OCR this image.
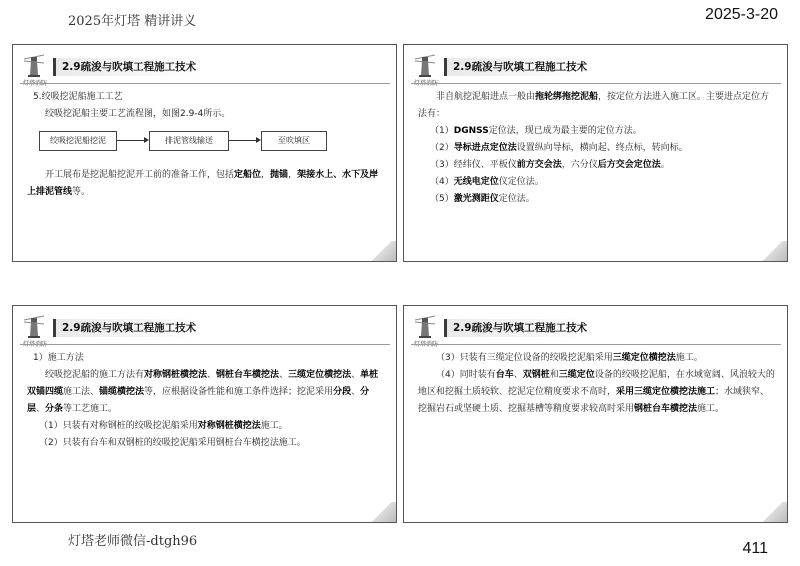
2025年灯塔 精讲讲义	2025-3-20
2.9疏浚与吹填工程施工技术

5.绞吸挖泥船施工工艺

绞吸挖泥船主要工艺流程图，如图2.9-4所示。

绞吸挖泥船挖泥	排泥管线输送	至吹填区

开工展布是挖泥船挖泥开工前的准备工作，包括定船位，抛锚，架接水上、水下及岸上排泥管线等。

2.9疏浚与吹填工程施工技术

非自航挖泥船进点一般由拖轮绑拖挖泥船，按定位方法进入施工区。主要进点定位方法有：

（1）DGNSS定位法，现已成为最主要的定位方法。

（2）导标进点定位法设置纵向导标，横向起、终点标，转向标。

（3）经纬仪、平板仪前方交会法，六分仪后方交会定位法。

（4）无线电定位仪定位法。

（5）激光测距仪定位法。

2.9疏浚与吹填工程施工技术

1）施工方法

绞吸挖泥船的施工方法有对称钢桩横挖法、钢桩台车横挖法、三缆定位横挖法、单桩双锚四缆施工法、锚缆横挖法等，应根据设备性能和施工条件选择；挖泥采用分段、分层、分条等工艺施工。

（1）只装有对称钢桩的绞吸挖泥船采用对称钢桩横挖法施工。

（2）只装有台车和双钢桩的绞吸挖泥船采用钢桩台车横挖法施工。

2.9疏浚与吹填工程施工技术

（3）只装有三缆定位设备的绞吸挖泥船采用三缆定位横挖法施工。

（4）同时装有台车、双钢桩和三缆定位设备的绞吸挖泥船，在水域宽阔、风浪较大的地区和挖掘土质较软、挖泥定位精度要求不高时，采用三缆定位横挖法施工；水域狭窄、挖掘岩石或坚硬土质、挖掘基槽等精度要求较高时采用钢桩台车横挖法施工。

灯塔老师微信-dtgh96	411
